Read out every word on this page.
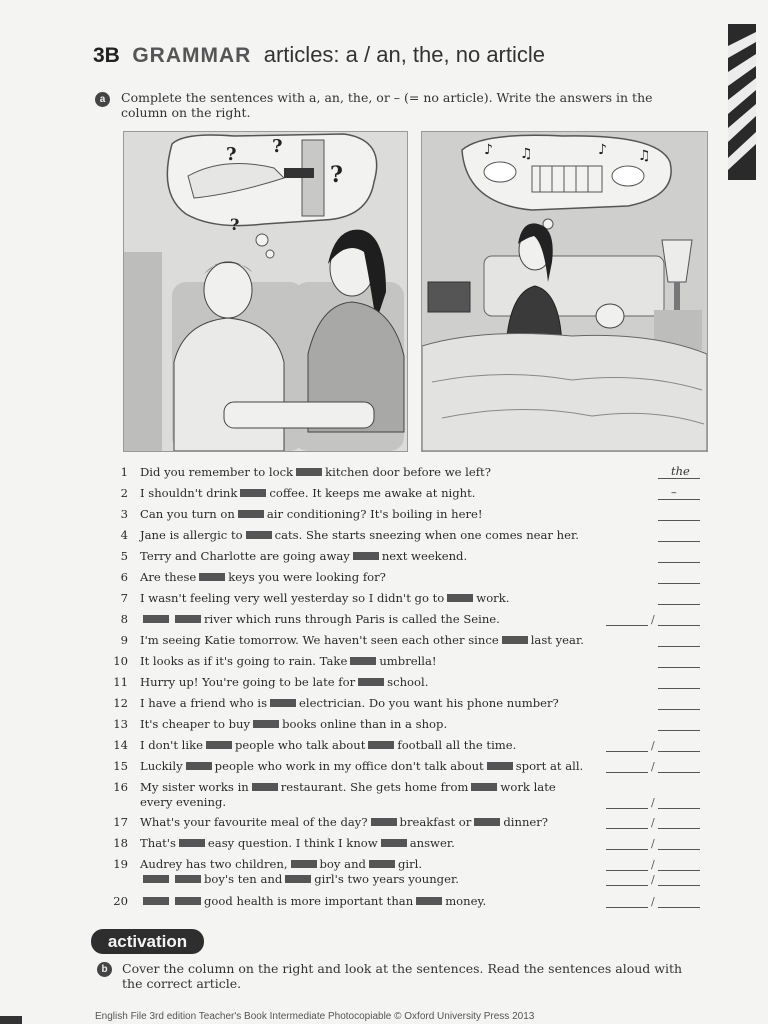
3B GRAMMAR articles: a / an, the, no article
a	Complete the sentences with a, an, the, or – (= no article). Write the answers in the column on the right.
? ?
?
?
♪ ♫	♪ ♫
1 Did you remember to lock	kitchen door before we left?	the
2 I shouldn't drink	coffee. It keeps me awake at night.	–
3 Can you turn on	air conditioning? It's boiling in here!
4 Jane is allergic to	cats. She starts sneezing when one comes near her.
5 Terry and Charlotte are going away	next weekend.
6 Are these	keys you were looking for?
7 I wasn't feeling very well yesterday so I didn't go to	work.
8	river which runs through Paris is called the Seine.	/
9 I'm seeing Katie tomorrow. We haven't seen each other since	last year.
10 It looks as if it's going to rain. Take	umbrella!
11 Hurry up! You're going to be late for	school.
12 I have a friend who is	electrician. Do you want his phone number?
13 It's cheaper to buy	books online than in a shop.
14 I don't like	people who talk about	football all the time.	/
15 Luckily	people who work in my office don't talk about	sport at all.	/
16 My sister works in	restaurant. She gets home from	work late
every evening.	/
17 What's your favourite meal of the day?	breakfast or	dinner?	/
18 That's	easy question. I think I know	answer.	/
19 Audrey has two children,	boy and	girl.
boy's ten and	girl's two years younger.
/
/
20	good health is more important than	money.	/
activation
b	Cover the column on the right and look at the sentences. Read the sentences aloud with the correct article.
English File 3rd edition Teacher's Book Intermediate Photocopiable © Oxford University Press 2013
